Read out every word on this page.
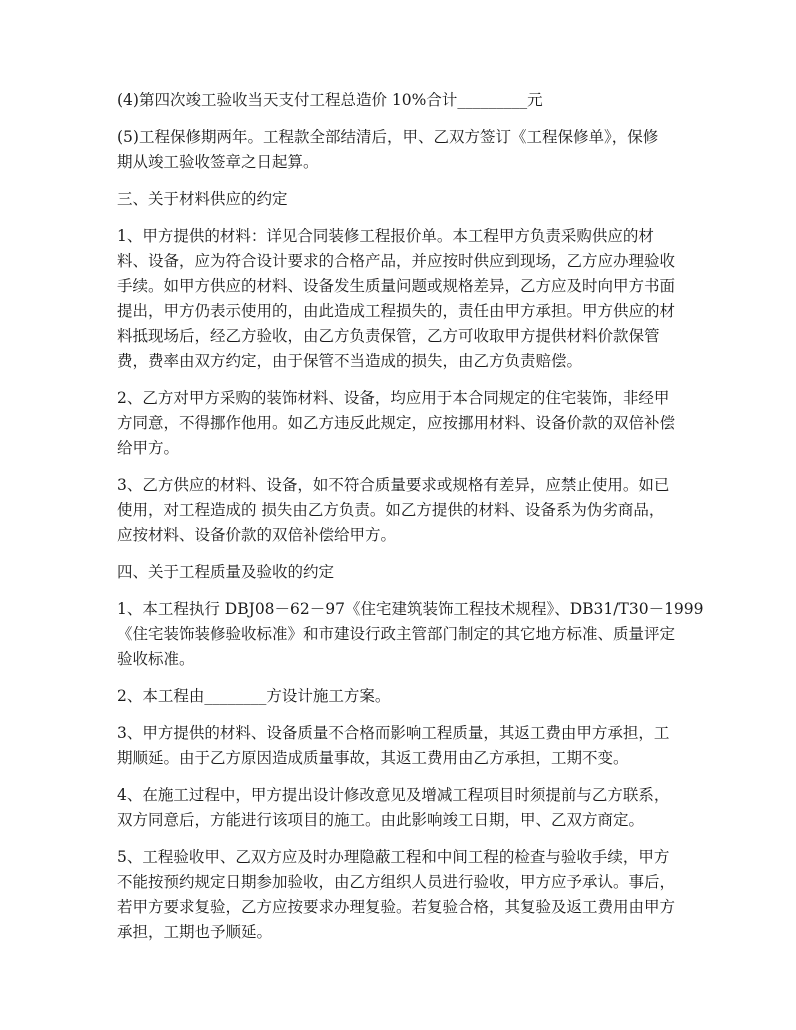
(4)第四次竣工验收当天支付工程总造价 10%合计_________元

(5)工程保修期两年。工程款全部结清后，甲、乙双方签订《工程保修单》，保修
期从竣工验收签章之日起算。

三、关于材料供应的约定

1、甲方提供的材料：详见合同装修工程报价单。本工程甲方负责采购供应的材
料、设备，应为符合设计要求的合格产品，并应按时供应到现场，乙方应办理验收
手续。如甲方供应的材料、设备发生质量问题或规格差异，乙方应及时向甲方书面
提出，甲方仍表示使用的，由此造成工程损失的，责任由甲方承担。甲方供应的材
料抵现场后，经乙方验收，由乙方负责保管，乙方可收取甲方提供材料价款保管
费，费率由双方约定，由于保管不当造成的损失，由乙方负责赔偿。

2、乙方对甲方采购的装饰材料、设备，均应用于本合同规定的住宅装饰，非经甲
方同意，不得挪作他用。如乙方违反此规定，应按挪用材料、设备价款的双倍补偿
给甲方。

3、乙方供应的材料、设备，如不符合质量要求或规格有差异，应禁止使用。如已
使用，对工程造成的 损失由乙方负责。如乙方提供的材料、设备系为伪劣商品，
应按材料、设备价款的双倍补偿给甲方。

四、关于工程质量及验收的约定

1、本工程执行 DBJ08－62－97《住宅建筑装饰工程技术规程》、DB31/T30－1999
《住宅装饰装修验收标准》和市建设行政主管部门制定的其它地方标准、质量评定
验收标准。

2、本工程由________方设计施工方案。

3、甲方提供的材料、设备质量不合格而影响工程质量，其返工费由甲方承担，工
期顺延。由于乙方原因造成质量事故，其返工费用由乙方承担，工期不变。

4、在施工过程中，甲方提出设计修改意见及增减工程项目时须提前与乙方联系，
双方同意后，方能进行该项目的施工。由此影响竣工日期，甲、乙双方商定。

5、工程验收甲、乙双方应及时办理隐蔽工程和中间工程的检查与验收手续，甲方
不能按预约规定日期参加验收，由乙方组织人员进行验收，甲方应予承认。事后，
若甲方要求复验，乙方应按要求办理复验。若复验合格，其复验及返工费用由甲方
承担，工期也予顺延。
